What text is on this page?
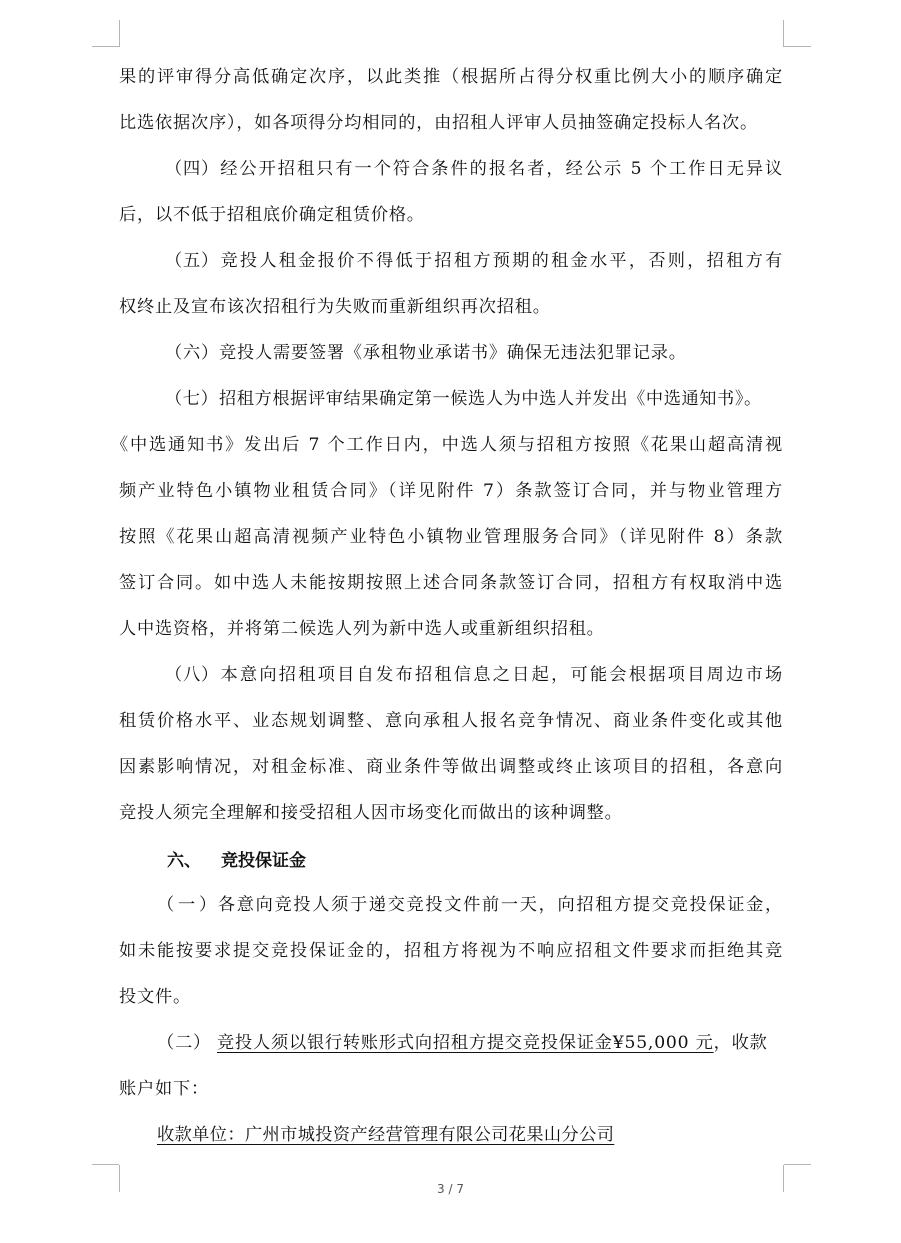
果的评审得分高低确定次序，以此类推（根据所占得分权重比例大小的顺序确定
比选依据次序），如各项得分均相同的，由招租人评审人员抽签确定投标人名次。
（四）经公开招租只有一个符合条件的报名者，经公示 5 个工作日无异议
后，以不低于招租底价确定租赁价格。
（五）竞投人租金报价不得低于招租方预期的租金水平，否则，招租方有
权终止及宣布该次招租行为失败而重新组织再次招租。
（六）竞投人需要签署《承租物业承诺书》确保无违法犯罪记录。
（七）招租方根据评审结果确定第一候选人为中选人并发出《中选通知书》。
《中选通知书》发出后 7 个工作日内，中选人须与招租方按照《花果山超高清视
频产业特色小镇物业租赁合同》（详见附件 7）条款签订合同，并与物业管理方
按照《花果山超高清视频产业特色小镇物业管理服务合同》（详见附件 8）条款
签订合同。如中选人未能按期按照上述合同条款签订合同，招租方有权取消中选
人中选资格，并将第二候选人列为新中选人或重新组织招租。
（八）本意向招租项目自发布招租信息之日起，可能会根据项目周边市场
租赁价格水平、业态规划调整、意向承租人报名竞争情况、商业条件变化或其他
因素影响情况，对租金标准、商业条件等做出调整或终止该项目的招租，各意向
竞投人须完全理解和接受招租人因市场变化而做出的该种调整。
六、 竞投保证金
（一）各意向竞投人须于递交竞投文件前一天，向招租方提交竞投保证金，
如未能按要求提交竞投保证金的，招租方将视为不响应招租文件要求而拒绝其竞
投文件。
（二） 竞投人须以银行转账形式向招租方提交竞投保证金¥55,000 元，收款
账户如下：
收款单位：广州市城投资产经营管理有限公司花果山分公司
3 / 7
